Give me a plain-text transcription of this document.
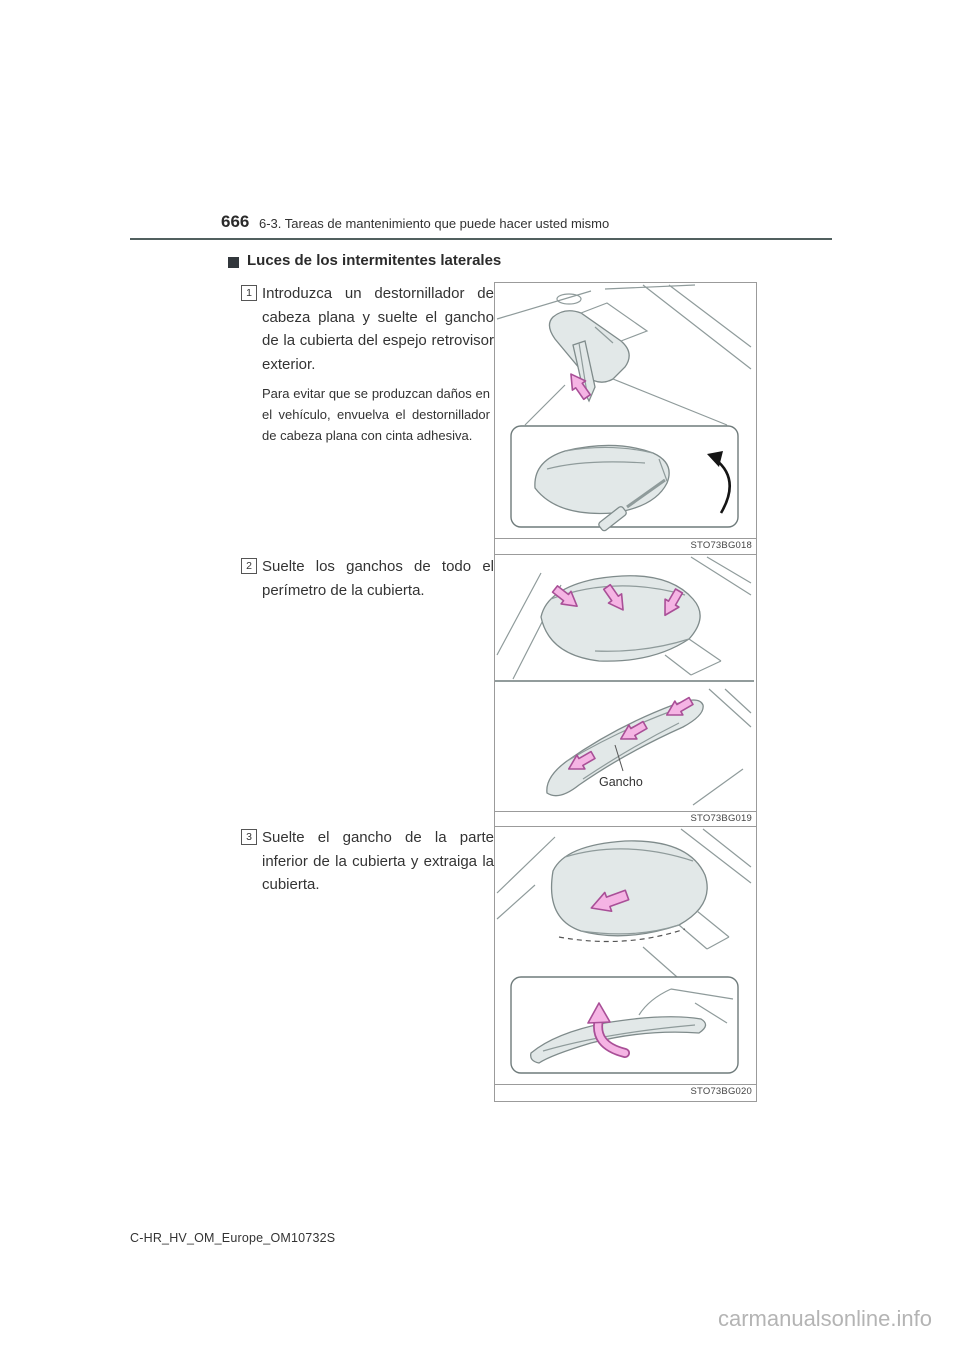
666 6-3. Tareas de mantenimiento que puede hacer usted mismo
Luces de los intermitentes laterales
1 Introduzca un destornillador de cabeza plana y suelte el gancho de la cubierta del espejo retrovisor exterior.

Para evitar que se produzcan daños en el vehículo, envuelva el destornillador de cabeza plana con cinta adhesiva.

STO73BG018
2 Suelte los ganchos de todo el perímetro de la cubierta.

Gancho
STO73BG019
3 Suelte el gancho de la parte inferior de la cubierta y extraiga la cubierta.

STO73BG020
C-HR_HV_OM_Europe_OM10732S
carmanualsonline.info
